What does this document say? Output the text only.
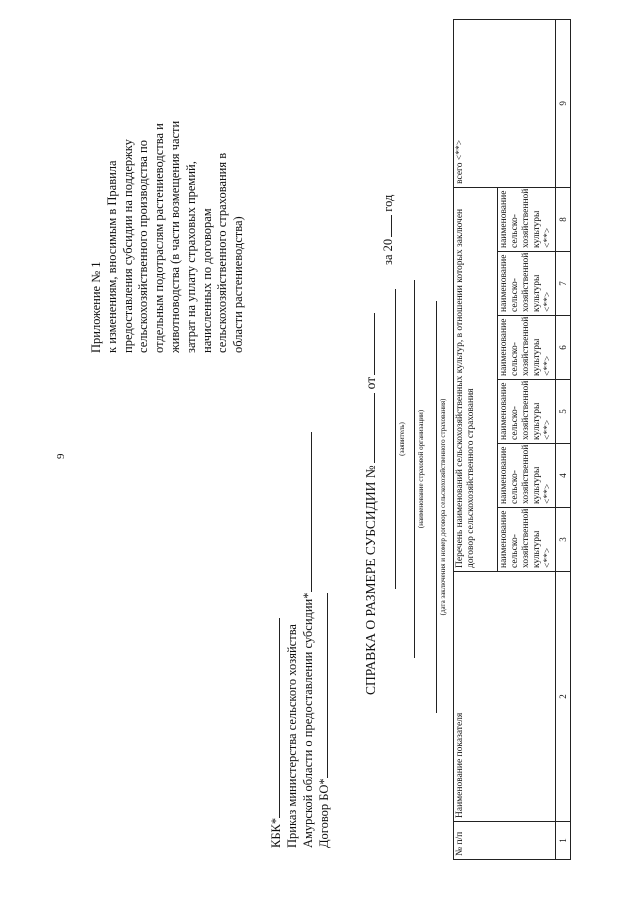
9
Приложение № 1 к изменениям, вносимым в Правила предоставления субсидии на поддержку сельскохозяйственного производства по отдельным подотраслям растениеводства и животноводства (в части возмещения части затрат на уплату страховых премий, начисленных по договорам сельскохозяйственного страхования в области растениеводства)
КБК* Приказ министерства сельского хозяйства Амурской области о предоставлении субсидии* Договор БО*
СПРАВКА О РАЗМЕРЕ СУБСИДИИ №от
за 20 год
(заявитель) (наименование страховой организации) (дата заключения и номер договора сельскохозяйственного страхования)
№ п/п	Наименование показателя	Перечень наименований сельскохозяйственных культур, в отношении которых заключен договор сельскохозяйственного страхования						всего <**>
		наименование сельско-хозяйственной культуры <**>	наименование сельско-хозяйственной культуры <**>	наименование сельско-хозяйственной культуры <**>	наименование сельско-хозяйственной культуры <**>	наименование сельско-хозяйственной культуры <**>	наименование сельско-хозяйственной культуры <**>	
1	2	3	4	5	6	7	8	9
